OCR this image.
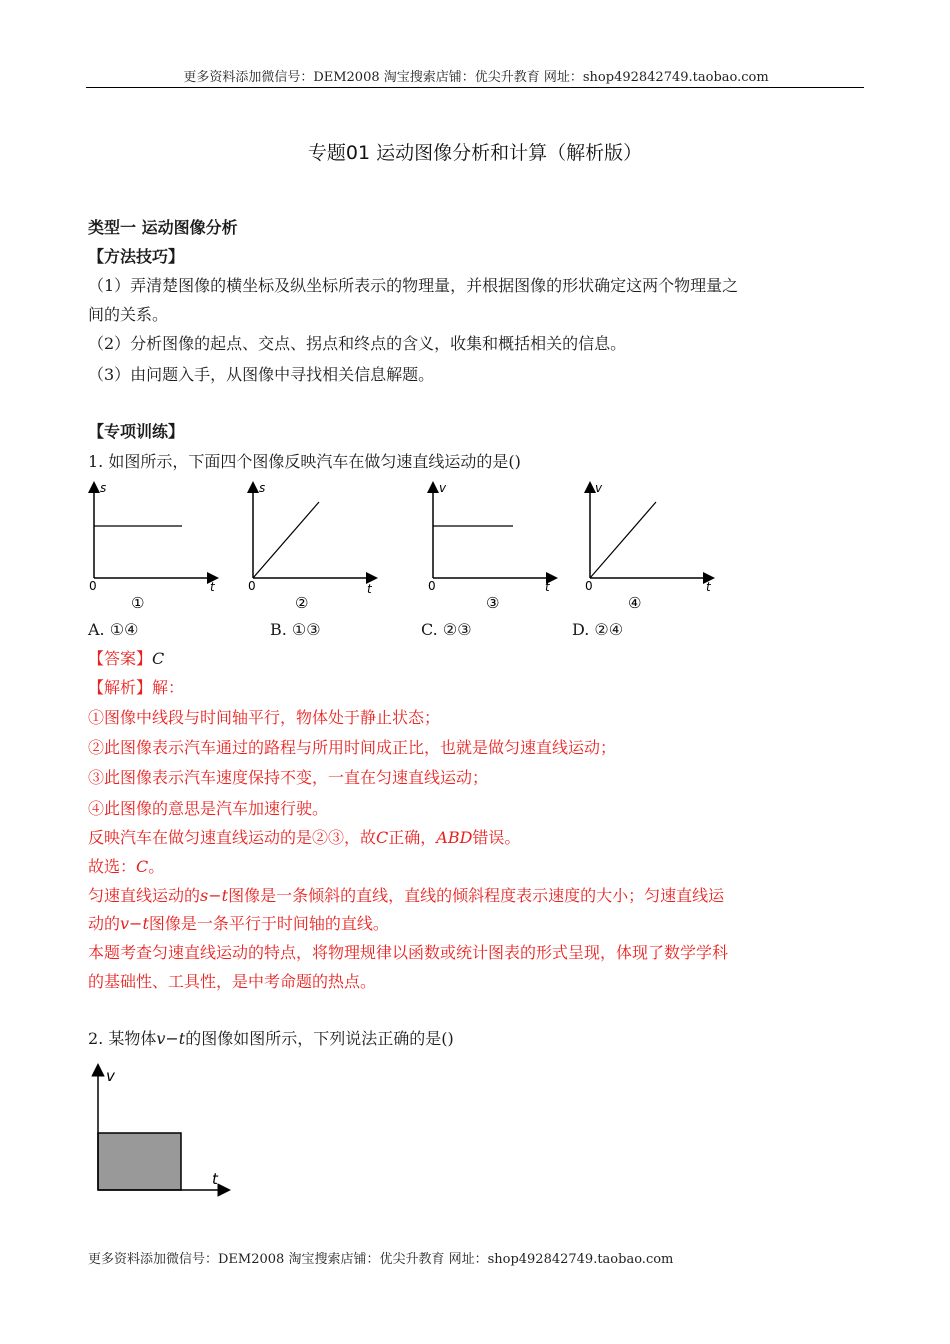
更多资料添加微信号：DEM2008 淘宝搜索店铺：优尖升教育 网址：shop492842749.taobao.com
专题01 运动图像分析和计算（解析版）
类型一 运动图像分析
【方法技巧】
（1）弄清楚图像的横坐标及纵坐标所表示的物理量，并根据图像的形状确定这两个物理量之
间的关系。
（2）分析图像的起点、交点、拐点和终点的含义，收集和概括相关的信息。
（3）由问题入手，从图像中寻找相关信息解题。
【专项训练】
1. 如图所示，下面四个图像反映汽车在做匀速直线运动的是()
s
t
0
①
s
t
0
②
v
t
0
③
v
t
0
④
A. ①④	B. ①③	C. ②③	D. ②④
【答案】C
【解析】解：
①图像中线段与时间轴平行，物体处于静止状态；
②此图像表示汽车通过的路程与所用时间成正比，也就是做匀速直线运动；
③此图像表示汽车速度保持不变，一直在匀速直线运动；
④此图像的意思是汽车加速行驶。
反映汽车在做匀速直线运动的是②③，故C正确，ABD错误。
故选：C。
匀速直线运动的s−t图像是一条倾斜的直线，直线的倾斜程度表示速度的大小；匀速直线运
动的v−t图像是一条平行于时间轴的直线。
本题考查匀速直线运动的特点，将物理规律以函数或统计图表的形式呈现，体现了数学学科
的基础性、工具性，是中考命题的热点。
2. 某物体v−t的图像如图所示，下列说法正确的是()
v
t
更多资料添加微信号：DEM2008 淘宝搜索店铺：优尖升教育 网址：shop492842749.taobao.com
